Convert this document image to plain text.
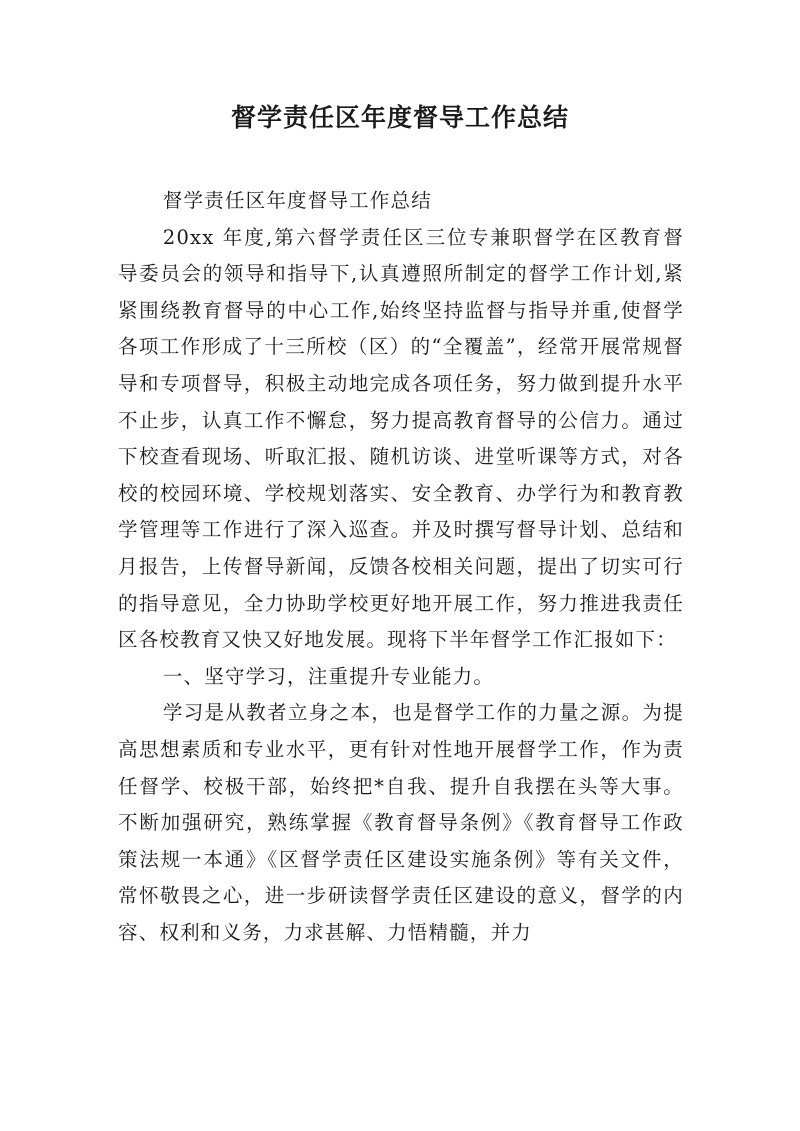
督学责任区年度督导工作总结

督学责任区年度督导工作总结

20xx 年度,第六督学责任区三位专兼职督学在区教育督导委员会的领导和指导下,认真遵照所制定的督学工作计划,紧紧围绕教育督导的中心工作,始终坚持监督与指导并重,使督学各项工作形成了十三所校（区）的“全覆盖”，经常开展常规督导和专项督导，积极主动地完成各项任务，努力做到提升水平不止步，认真工作不懈怠，努力提高教育督导的公信力。通过下校查看现场、听取汇报、随机访谈、进堂听课等方式，对各校的校园环境、学校规划落实、安全教育、办学行为和教育教学管理等工作进行了深入巡查。并及时撰写督导计划、总结和月报告，上传督导新闻，反馈各校相关问题，提出了切实可行的指导意见，全力协助学校更好地开展工作，努力推进我责任区各校教育又快又好地发展。现将下半年督学工作汇报如下：

一、坚守学习，注重提升专业能力。

学习是从教者立身之本，也是督学工作的力量之源。为提高思想素质和专业水平，更有针对性地开展督学工作，作为责任督学、校极干部，始终把*自我、提升自我摆在头等大事。不断加强研究，熟练掌握《教育督导条例》《教育督导工作政策法规一本通》《区督学责任区建设实施条例》等有关文件，常怀敬畏之心，进一步研读督学责任区建设的意义，督学的内容、权利和义务，力求甚解、力悟精髓，并力
